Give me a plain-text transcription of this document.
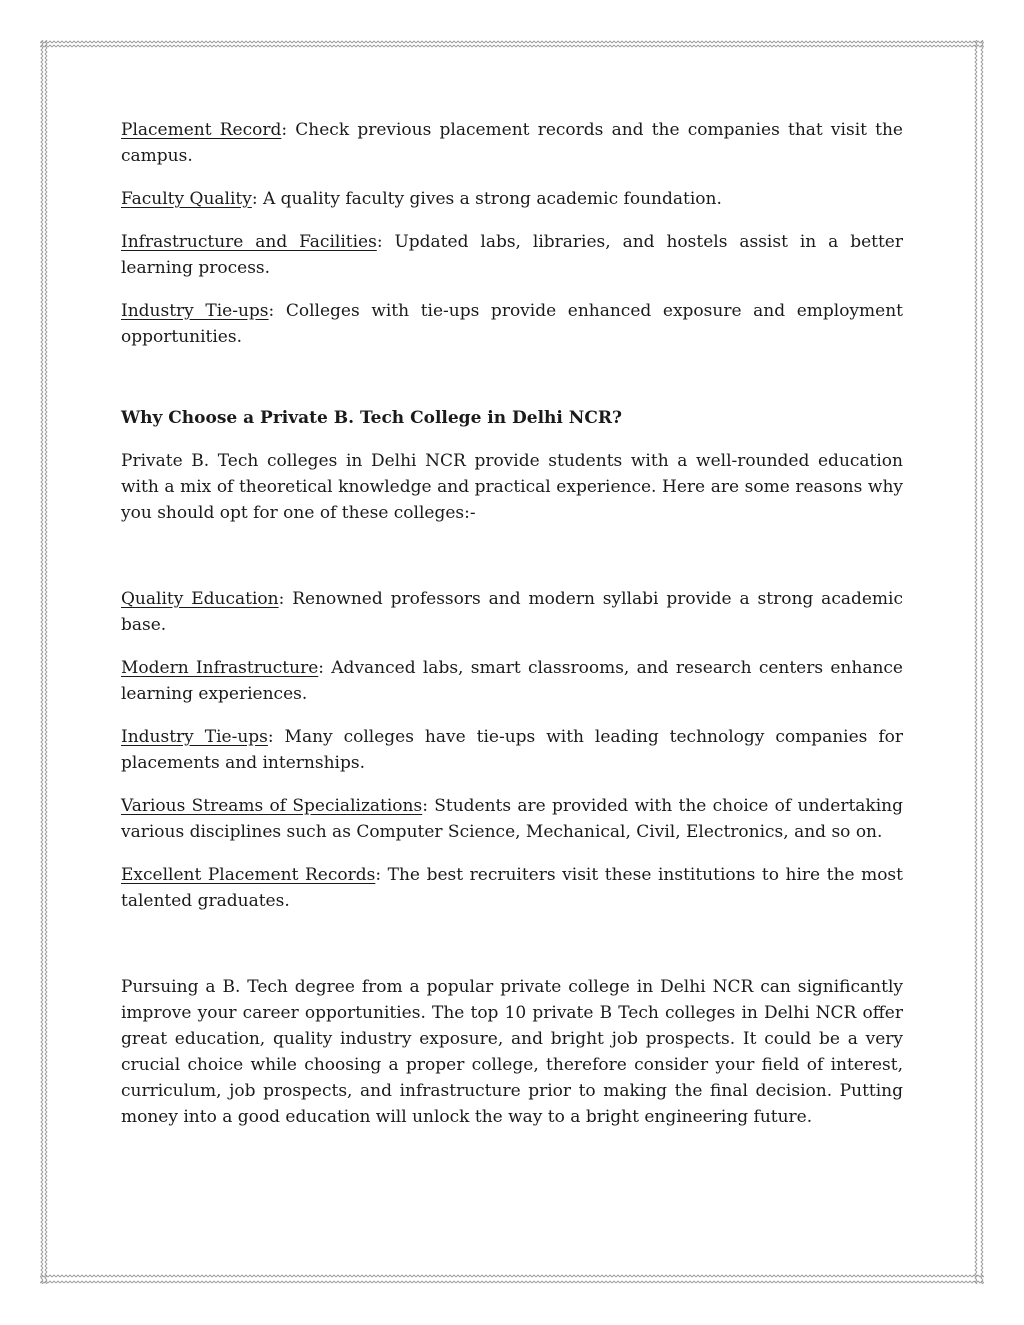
Placement Record: Check previous placement records and the companies that visit the campus.

Faculty Quality: A quality faculty gives a strong academic foundation.

Infrastructure and Facilities: Updated labs, libraries, and hostels assist in a better learning process.

Industry Tie-ups: Colleges with tie-ups provide enhanced exposure and employment opportunities.

Why Choose a Private B. Tech College in Delhi NCR?

Private B. Tech colleges in Delhi NCR provide students with a well-rounded education with a mix of theoretical knowledge and practical experience. Here are some reasons why you should opt for one of these colleges:-

Quality Education: Renowned professors and modern syllabi provide a strong academic base.

Modern Infrastructure: Advanced labs, smart classrooms, and research centers enhance learning experiences.

Industry Tie-ups: Many colleges have tie-ups with leading technology companies for placements and internships.

Various Streams of Specializations: Students are provided with the choice of undertaking various disciplines such as Computer Science, Mechanical, Civil, Electronics, and so on.

Excellent Placement Records: The best recruiters visit these institutions to hire the most talented graduates.

Pursuing a B. Tech degree from a popular private college in Delhi NCR can significantly improve your career opportunities. The top 10 private B Tech colleges in Delhi NCR offer great education, quality industry exposure, and bright job prospects. It could be a very crucial choice while choosing a proper college, therefore consider your field of interest, curriculum, job prospects, and infrastructure prior to making the final decision. Putting money into a good education will unlock the way to a bright engineering future.
